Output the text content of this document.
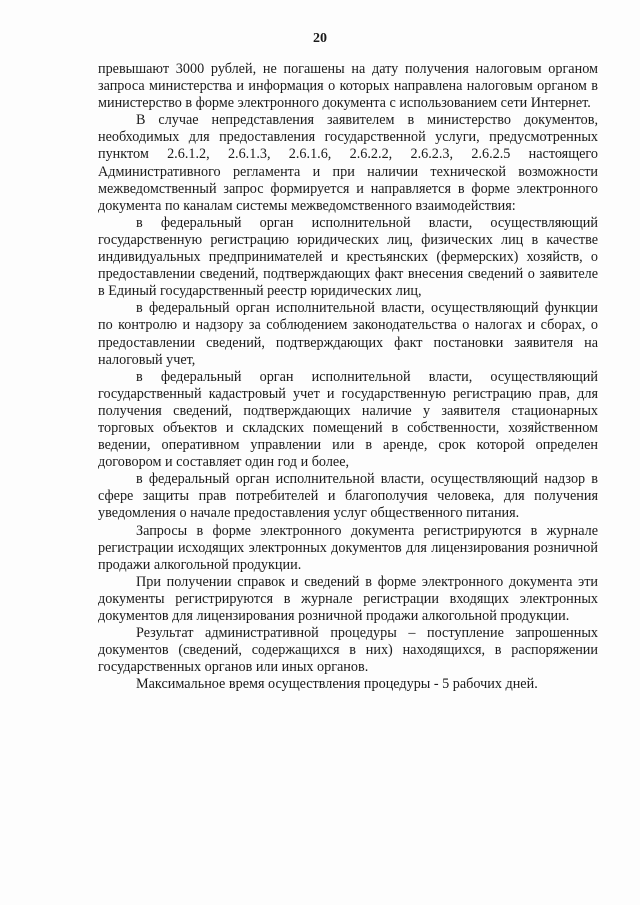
20

превышают 3000 рублей, не погашены на дату получения налоговым органом запроса министерства и информация о которых направлена налоговым органом в министерство в форме электронного документа с использованием сети Интернет.

В случае непредставления заявителем в министерство документов, необходимых для предоставления государственной услуги, предусмотренных пунктом 2.6.1.2, 2.6.1.3, 2.6.1.6, 2.6.2.2, 2.6.2.3, 2.6.2.5 настоящего Административного регламента и при наличии технической возможности межведомственный запрос формируется и направляется в форме электронного документа по каналам системы межведомственного взаимодействия:

в федеральный орган исполнительной власти, осуществляющий государственную регистрацию юридических лиц, физических лиц в качестве индивидуальных предпринимателей и крестьянских (фермерских) хозяйств, о предоставлении сведений, подтверждающих факт внесения сведений о заявителе в Единый государственный реестр юридических лиц,

в федеральный орган исполнительной власти, осуществляющий функции по контролю и надзору за соблюдением законодательства о налогах и сборах, о предоставлении сведений, подтверждающих факт постановки заявителя на налоговый учет,

в федеральный орган исполнительной власти, осуществляющий государственный кадастровый учет и государственную регистрацию прав, для получения сведений, подтверждающих наличие у заявителя стационарных торговых объектов и складских помещений в собственности, хозяйственном ведении, оперативном управлении или в аренде, срок которой определен договором и составляет один год и более,

в федеральный орган исполнительной власти, осуществляющий надзор в сфере защиты прав потребителей и благополучия человека, для получения уведомления о начале предоставления услуг общественного питания.

Запросы в форме электронного документа регистрируются в журнале регистрации исходящих электронных документов для лицензирования розничной продажи алкогольной продукции.

При получении справок и сведений в форме электронного документа эти документы регистрируются в журнале регистрации входящих электронных документов для лицензирования розничной продажи алкогольной продукции.

Результат административной процедуры – поступление запрошенных документов (сведений, содержащихся в них) находящихся, в распоряжении государственных органов или иных органов.

Максимальное время осуществления процедуры - 5 рабочих дней.
